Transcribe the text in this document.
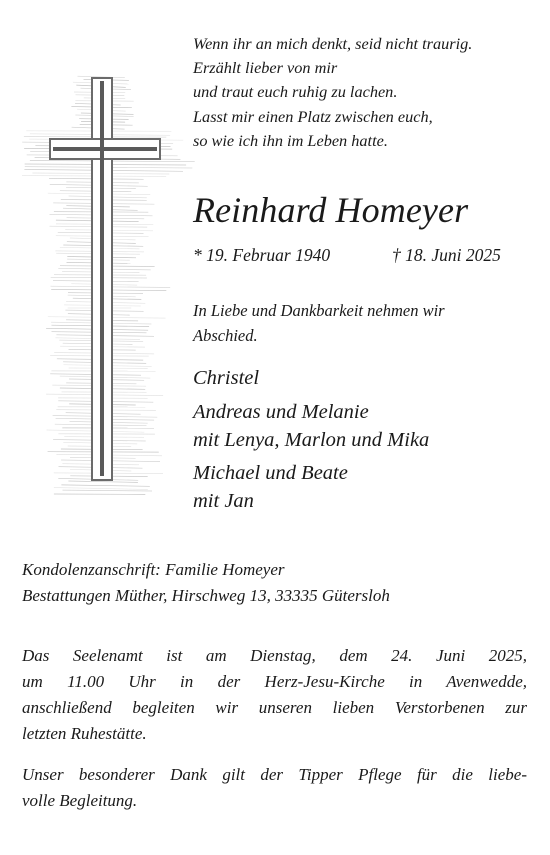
Wenn ihr an mich denkt, seid nicht traurig.
Erzählt lieber von mir
und traut euch ruhig zu lachen.
Lasst mir einen Platz zwischen euch,
so wie ich ihn im Leben hatte.
Reinhard Homeyer
* 19. Februar 1940	† 18. Juni 2025
In Liebe und Dankbarkeit nehmen wir
Abschied.
Christel
Andreas und Melanie
mit Lenya, Marlon und Mika
Michael und Beate
mit Jan
Kondolenzanschrift: Familie Homeyer
Bestattungen Müther, Hirschweg 13, 33335 Gütersloh
Das Seelenamt ist am Dienstag, dem 24. Juni 2025,
um 11.00 Uhr in der Herz-Jesu-Kirche in Avenwedde,
anschließend begleiten wir unseren lieben Verstorbenen zur
letzten Ruhestätte.
Unser besonderer Dank gilt der Tipper Pflege für die liebe-
volle Begleitung.
